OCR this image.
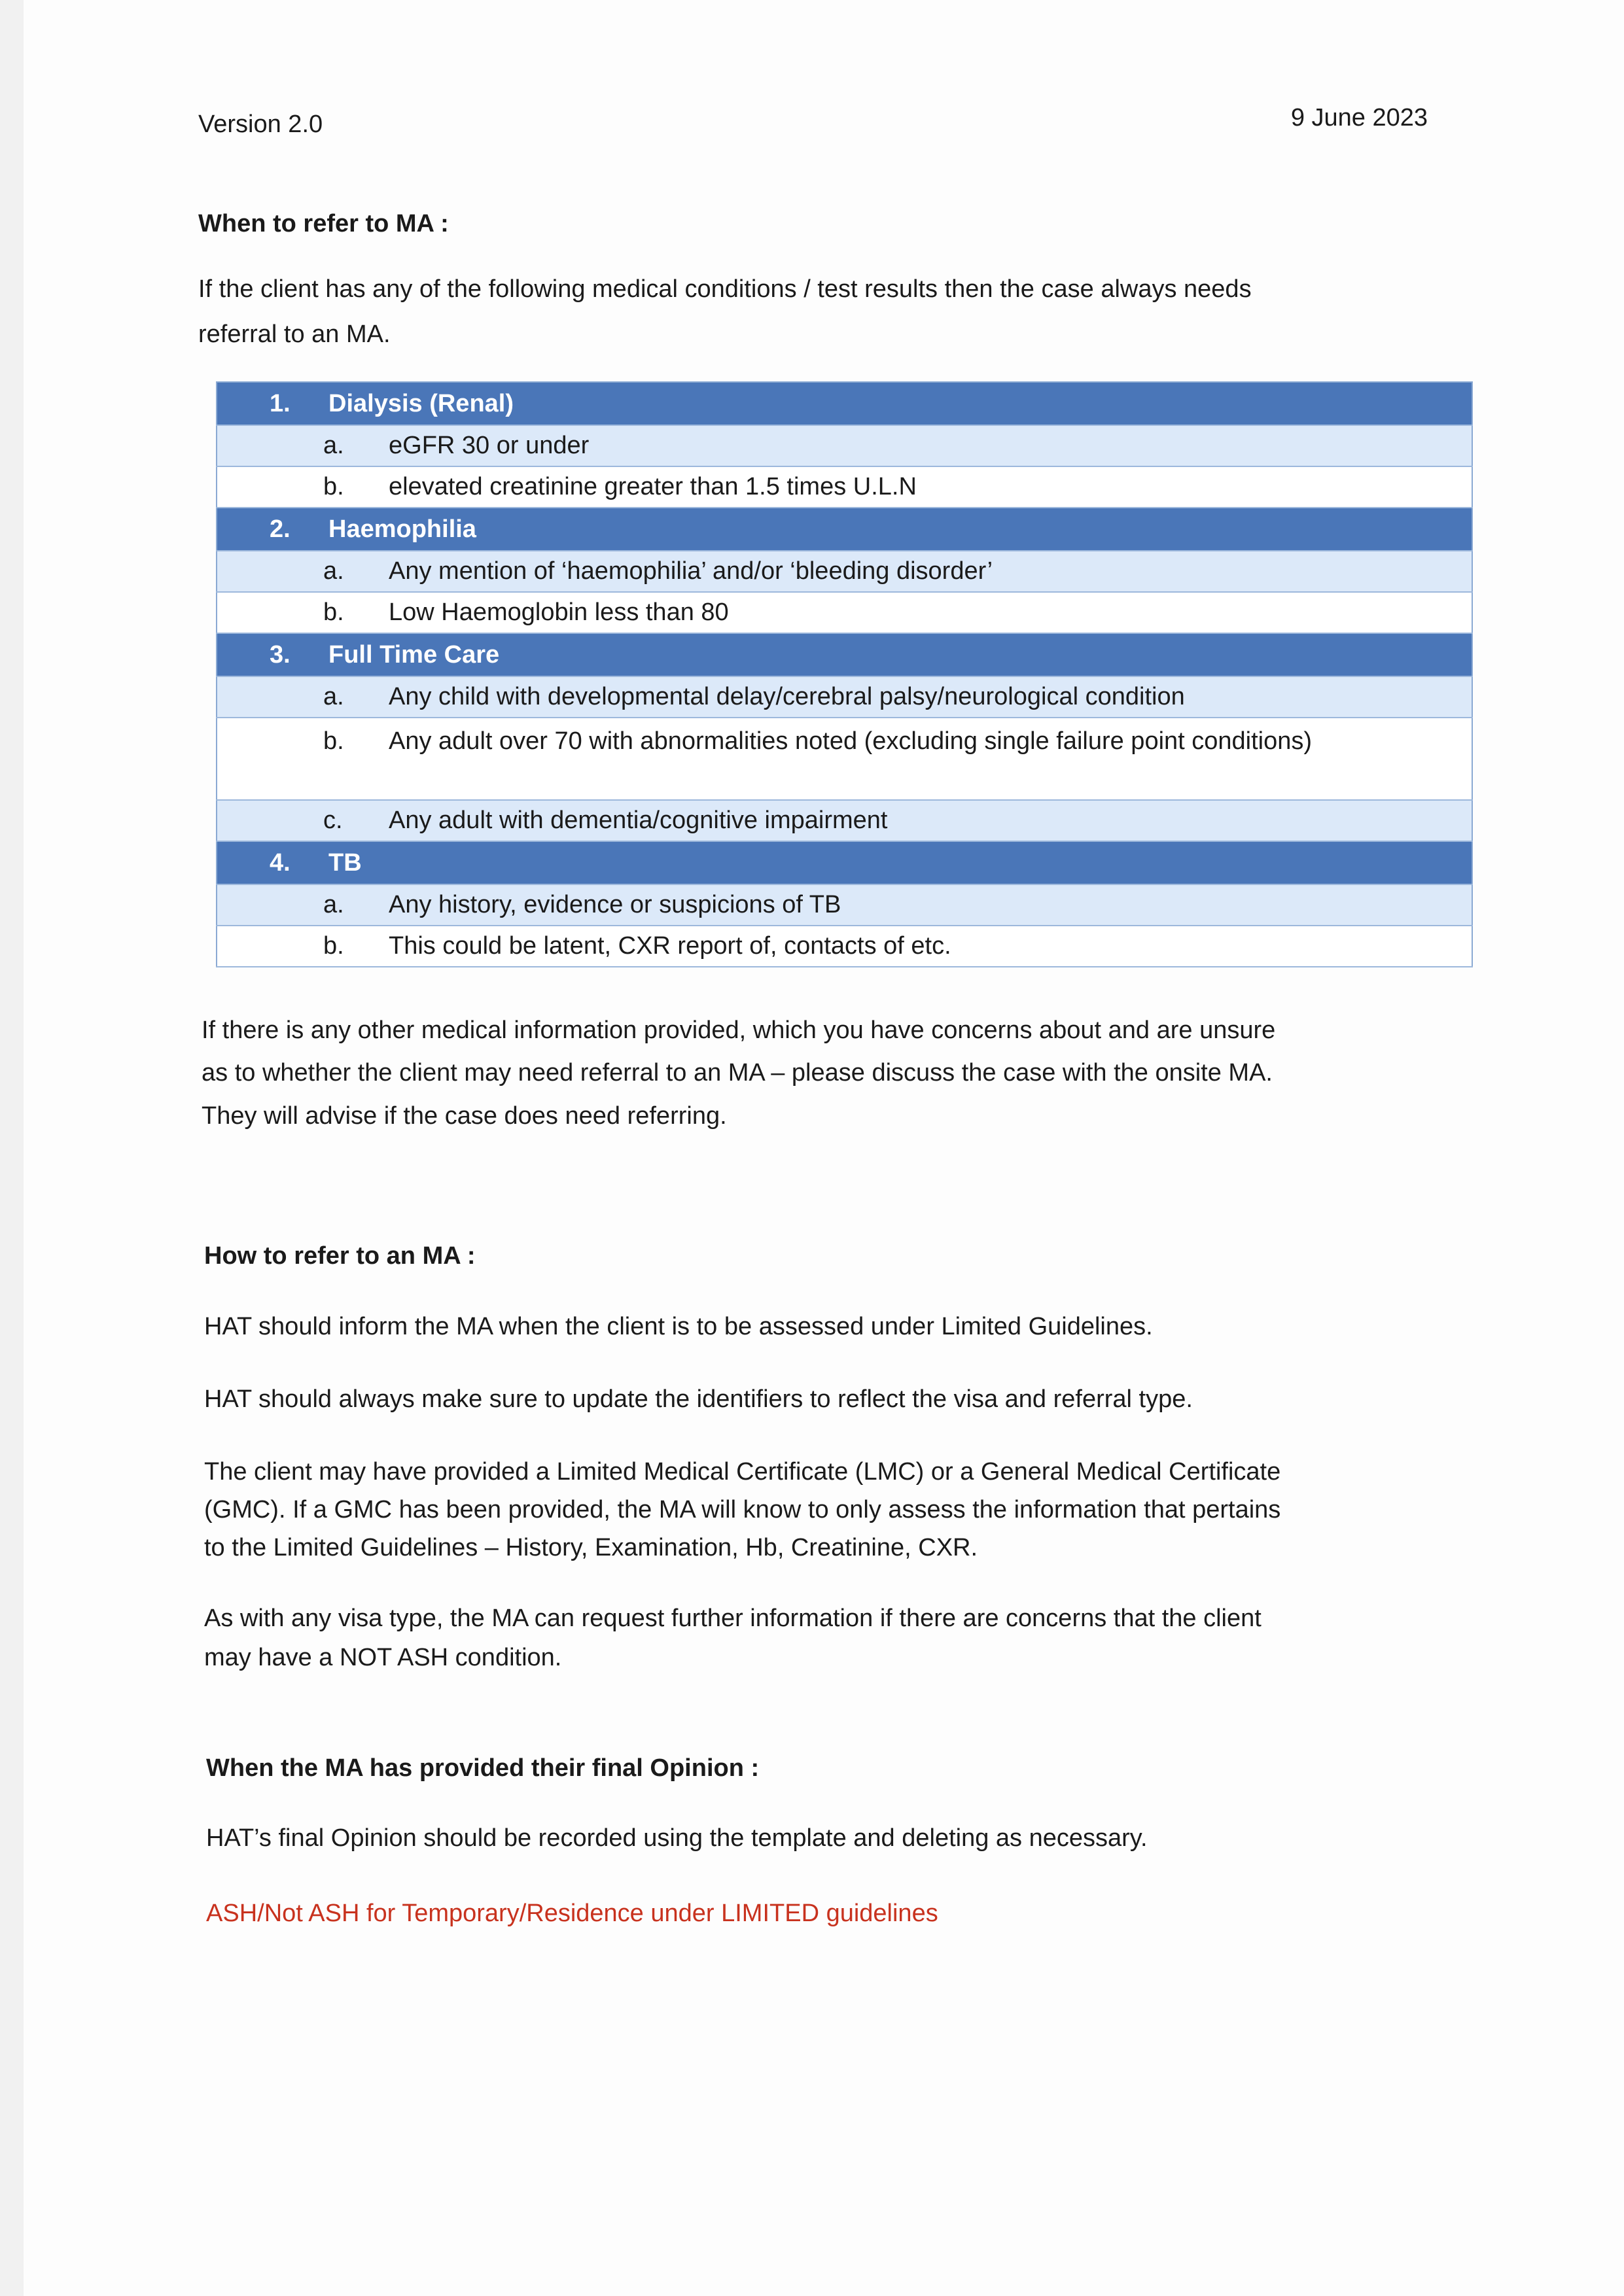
Version 2.0	9 June 2023
When to refer to MA :
If the client has any of the following medical conditions / test results then the case always needs
referral to an MA.
1. Dialysis (Renal)
a. eGFR 30 or under
b. elevated creatinine greater than 1.5 times U.L.N
2. Haemophilia
a. Any mention of ‘haemophilia’ and/or ‘bleeding disorder’
b. Low Haemoglobin less than 80
3. Full Time Care
a. Any child with developmental delay/cerebral palsy/neurological condition
b. Any adult over 70 with abnormalities noted (excluding single failure point conditions)
c. Any adult with dementia/cognitive impairment
4. TB
a. Any history, evidence or suspicions of TB
b. This could be latent, CXR report of, contacts of etc.
If there is any other medical information provided, which you have concerns about and are unsure
as to whether the client may need referral to an MA – please discuss the case with the onsite MA.
They will advise if the case does need referring.
How to refer to an MA :
HAT should inform the MA when the client is to be assessed under Limited Guidelines.
HAT should always make sure to update the identifiers to reflect the visa and referral type.
The client may have provided a Limited Medical Certificate (LMC) or a General Medical Certificate
(GMC). If a GMC has been provided, the MA will know to only assess the information that pertains
to the Limited Guidelines – History, Examination, Hb, Creatinine, CXR.
As with any visa type, the MA can request further information if there are concerns that the client
may have a NOT ASH condition.
When the MA has provided their final Opinion :
HAT’s final Opinion should be recorded using the template and deleting as necessary.
ASH/Not ASH for Temporary/Residence under LIMITED guidelines
